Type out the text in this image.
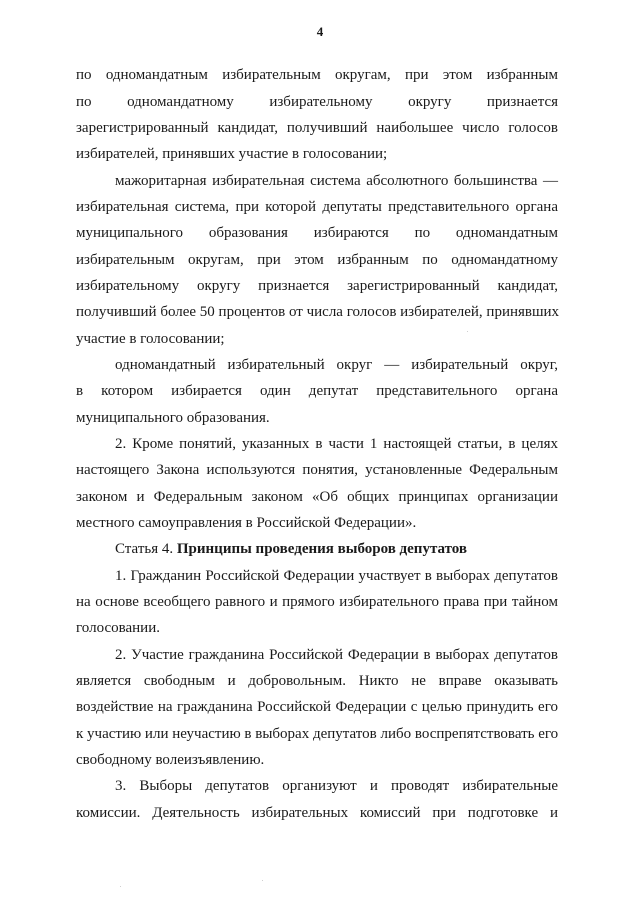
4
по одномандатным избирательным округам, при этом избранным
по одномандатному избирательному округу признается
зарегистрированный кандидат, получивший наибольшее число голосов
избирателей, принявших участие в голосовании;
мажоритарная избирательная система абсолютного большинства —
избирательная система, при которой депутаты представительного органа
муниципального образования избираются по одномандатным
избирательным округам, при этом избранным по одномандатному
избирательному округу признается зарегистрированный кандидат,
получивший более 50 процентов от числа голосов избирателей, принявших
участие в голосовании;
одномандатный избирательный округ — избирательный округ,
в котором избирается один депутат представительного органа
муниципального образования.
2. Кроме понятий, указанных в части 1 настоящей статьи, в целях
настоящего Закона используются понятия, установленные Федеральным
законом и Федеральным законом «Об общих принципах организации
местного самоуправления в Российской Федерации».
Статья 4. Принципы проведения выборов депутатов
1. Гражданин Российской Федерации участвует в выборах депутатов
на основе всеобщего равного и прямого избирательного права при тайном
голосовании.
2. Участие гражданина Российской Федерации в выборах депутатов
является свободным и добровольным. Никто не вправе оказывать
воздействие на гражданина Российской Федерации с целью принудить его
к участию или неучастию в выборах депутатов либо воспрепятствовать его
свободному волеизъявлению.
3. Выборы депутатов организуют и проводят избирательные
комиссии. Деятельность избирательных комиссий при подготовке и
